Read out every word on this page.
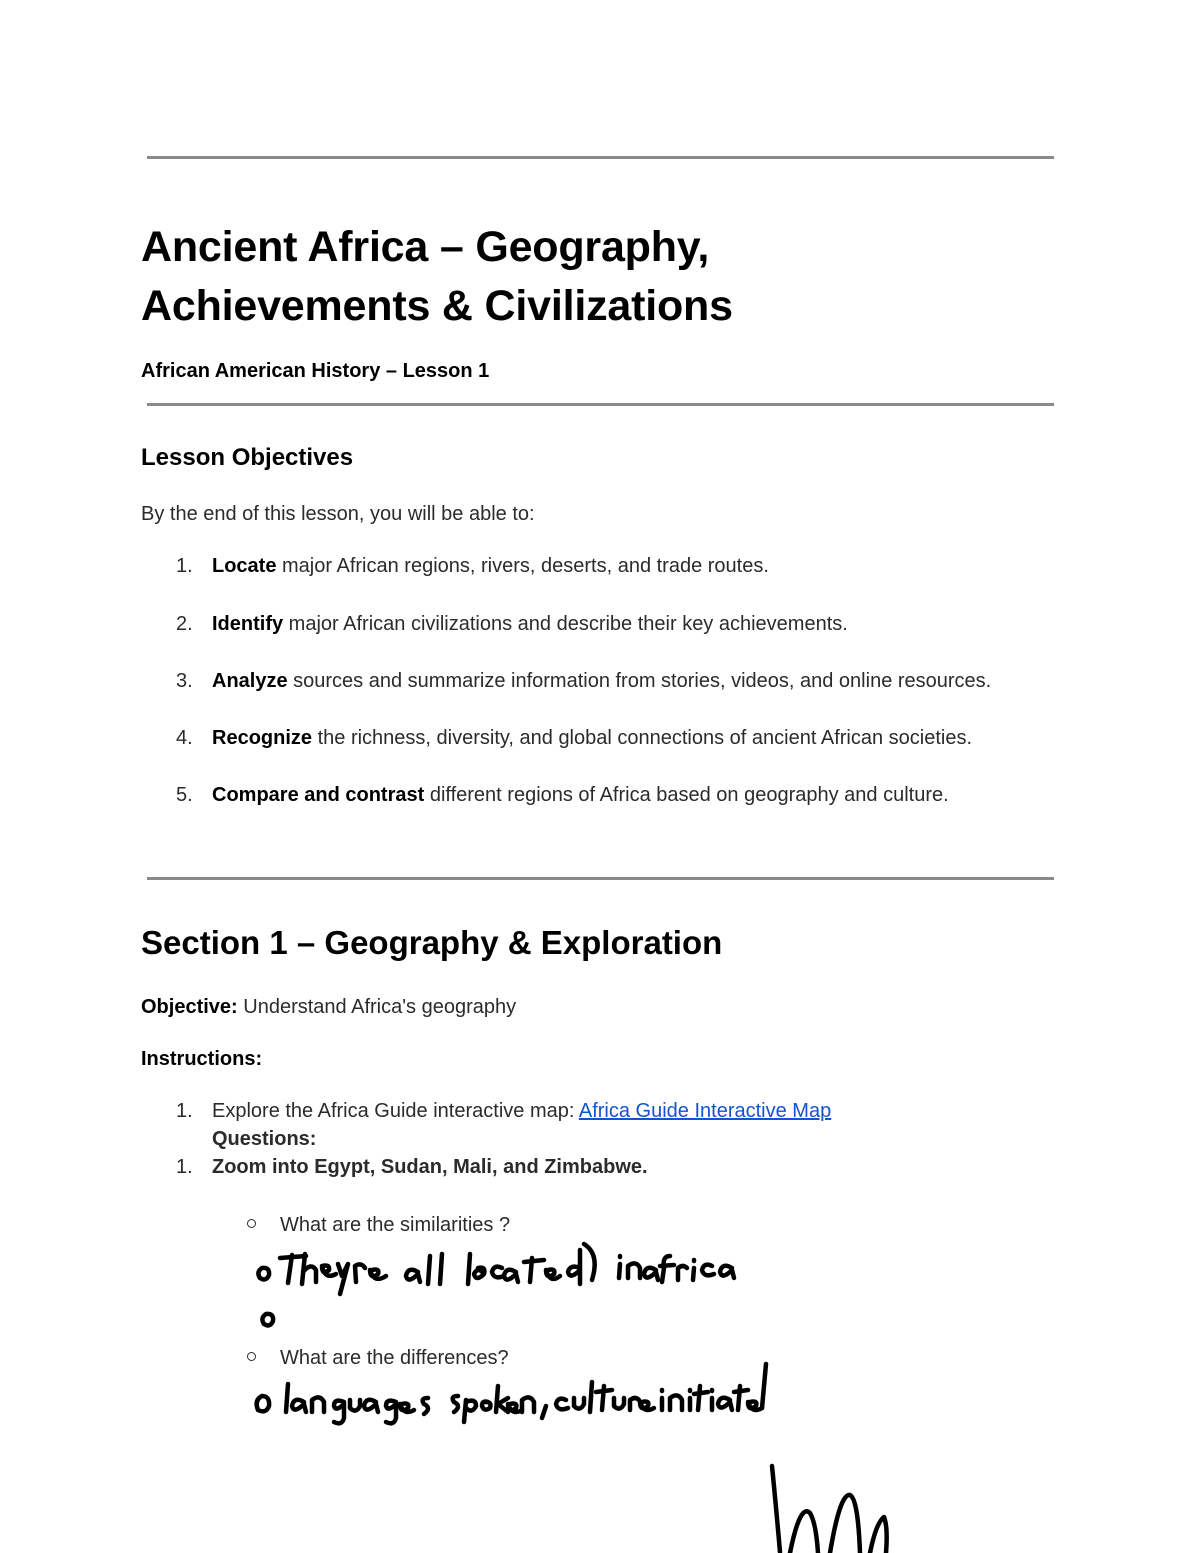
Ancient Africa – Geography,
Achievements & Civilizations

African American History – Lesson 1

Lesson Objectives

By the end of this lesson, you will be able to:

1. Locate major African regions, rivers, deserts, and trade routes.
2. Identify major African civilizations and describe their key achievements.
3. Analyze sources and summarize information from stories, videos, and online resources.
4. Recognize the richness, diversity, and global connections of ancient African societies.
5. Compare and contrast different regions of Africa based on geography and culture.
Section 1 – Geography & Exploration
Objective: Understand Africa's geography
Instructions:
1. Explore the Africa Guide interactive map: Africa Guide Interactive Map
Questions:
1. Zoom into Egypt, Sudan, Mali, and Zimbabwe.
What are the similarities ?
What are the differences?
